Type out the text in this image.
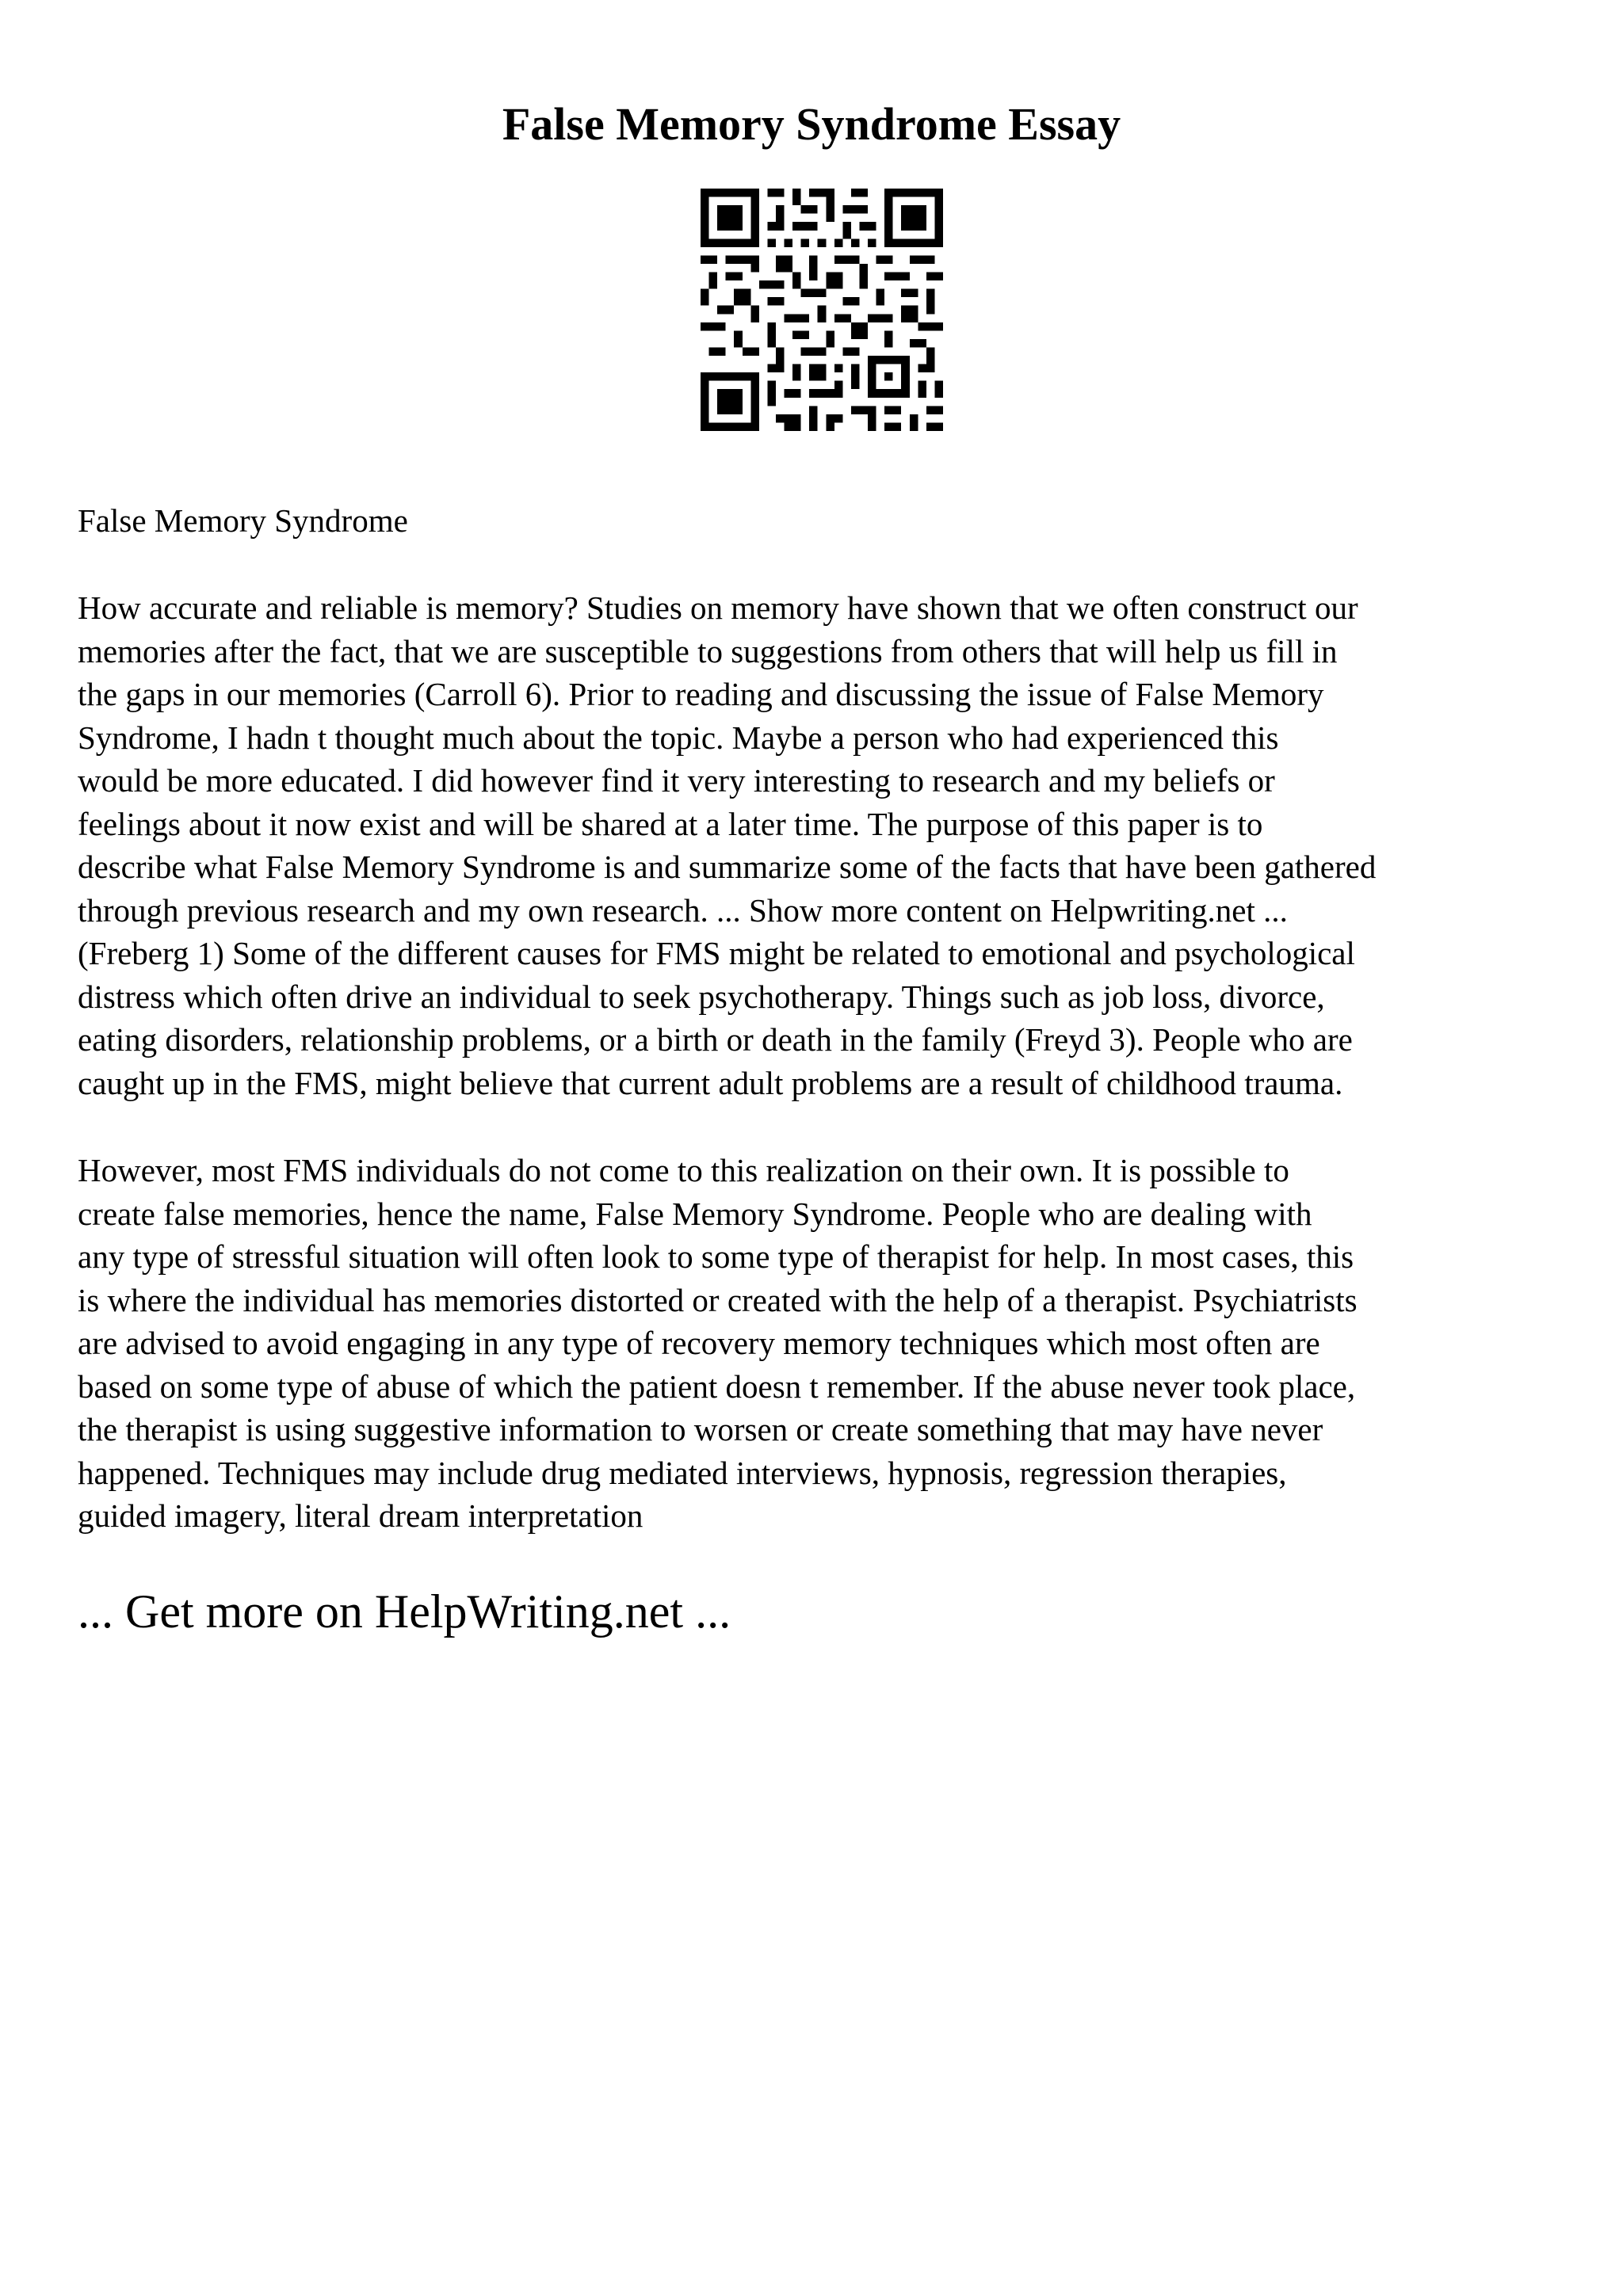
False Memory Syndrome Essay

False Memory Syndrome

How accurate and reliable is memory? Studies on memory have shown that we often construct our
memories after the fact, that we are susceptible to suggestions from others that will help us fill in
the gaps in our memories (Carroll 6). Prior to reading and discussing the issue of False Memory
Syndrome, I hadn t thought much about the topic. Maybe a person who had experienced this
would be more educated. I did however find it very interesting to research and my beliefs or
feelings about it now exist and will be shared at a later time. The purpose of this paper is to
describe what False Memory Syndrome is and summarize some of the facts that have been gathered
through previous research and my own research. ... Show more content on Helpwriting.net ...
(Freberg 1) Some of the different causes for FMS might be related to emotional and psychological
distress which often drive an individual to seek psychotherapy. Things such as job loss, divorce,
eating disorders, relationship problems, or a birth or death in the family (Freyd 3). People who are
caught up in the FMS, might believe that current adult problems are a result of childhood trauma.

However, most FMS individuals do not come to this realization on their own. It is possible to
create false memories, hence the name, False Memory Syndrome. People who are dealing with
any type of stressful situation will often look to some type of therapist for help. In most cases, this
is where the individual has memories distorted or created with the help of a therapist. Psychiatrists
are advised to avoid engaging in any type of recovery memory techniques which most often are
based on some type of abuse of which the patient doesn t remember. If the abuse never took place,
the therapist is using suggestive information to worsen or create something that may have never
happened. Techniques may include drug mediated interviews, hypnosis, regression therapies,
guided imagery, literal dream interpretation

... Get more on HelpWriting.net ...
